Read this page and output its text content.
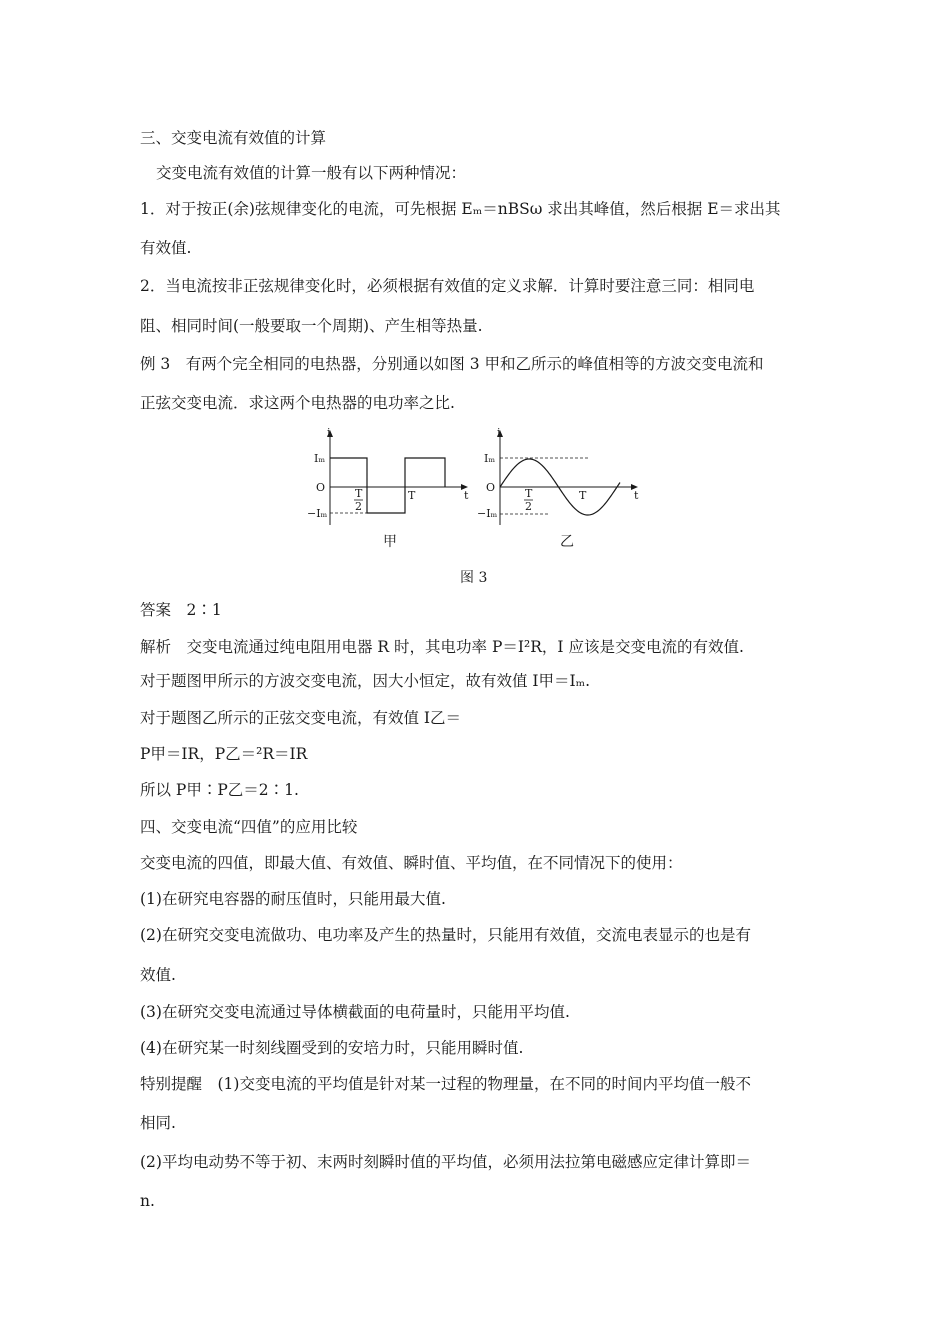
三、交变电流有效值的计算
交变电流有效值的计算一般有以下两种情况：
1．对于按正(余)弦规律变化的电流，可先根据 Eₘ＝nBSω 求出其峰值，然后根据 E＝求出其
有效值.
2．当电流按非正弦规律变化时，必须根据有效值的定义求解．计算时要注意三同：相同电
阻、相同时间(一般要取一个周期)、产生相等热量.
例 3　有两个完全相同的电热器，分别通以如图 3 甲和乙所示的峰值相等的方波交变电流和
正弦交变电流．求这两个电热器的电功率之比.
i
Iₘ
O
−Iₘ
T
2
T	t
i
Iₘ
O
−Iₘ
T
2
T	t
甲	乙
图 3
答案　2∶1
解析　交变电流通过纯电阻用电器 R 时，其电功率 P＝I²R，I 应该是交变电流的有效值.
对于题图甲所示的方波交变电流，因大小恒定，故有效值 I甲＝Iₘ.
对于题图乙所示的正弦交变电流，有效值 I乙＝
P甲＝IR，P乙＝²R＝IR
所以 P甲∶P乙＝2∶1.
四、交变电流“四值”的应用比较
交变电流的四值，即最大值、有效值、瞬时值、平均值，在不同情况下的使用：
(1)在研究电容器的耐压值时，只能用最大值.
(2)在研究交变电流做功、电功率及产生的热量时，只能用有效值，交流电表显示的也是有
效值.
(3)在研究交变电流通过导体横截面的电荷量时，只能用平均值.
(4)在研究某一时刻线圈受到的安培力时，只能用瞬时值.
特别提醒　(1)交变电流的平均值是针对某一过程的物理量，在不同的时间内平均值一般不
相同.
(2)平均电动势不等于初、末两时刻瞬时值的平均值，必须用法拉第电磁感应定律计算即＝
n.
